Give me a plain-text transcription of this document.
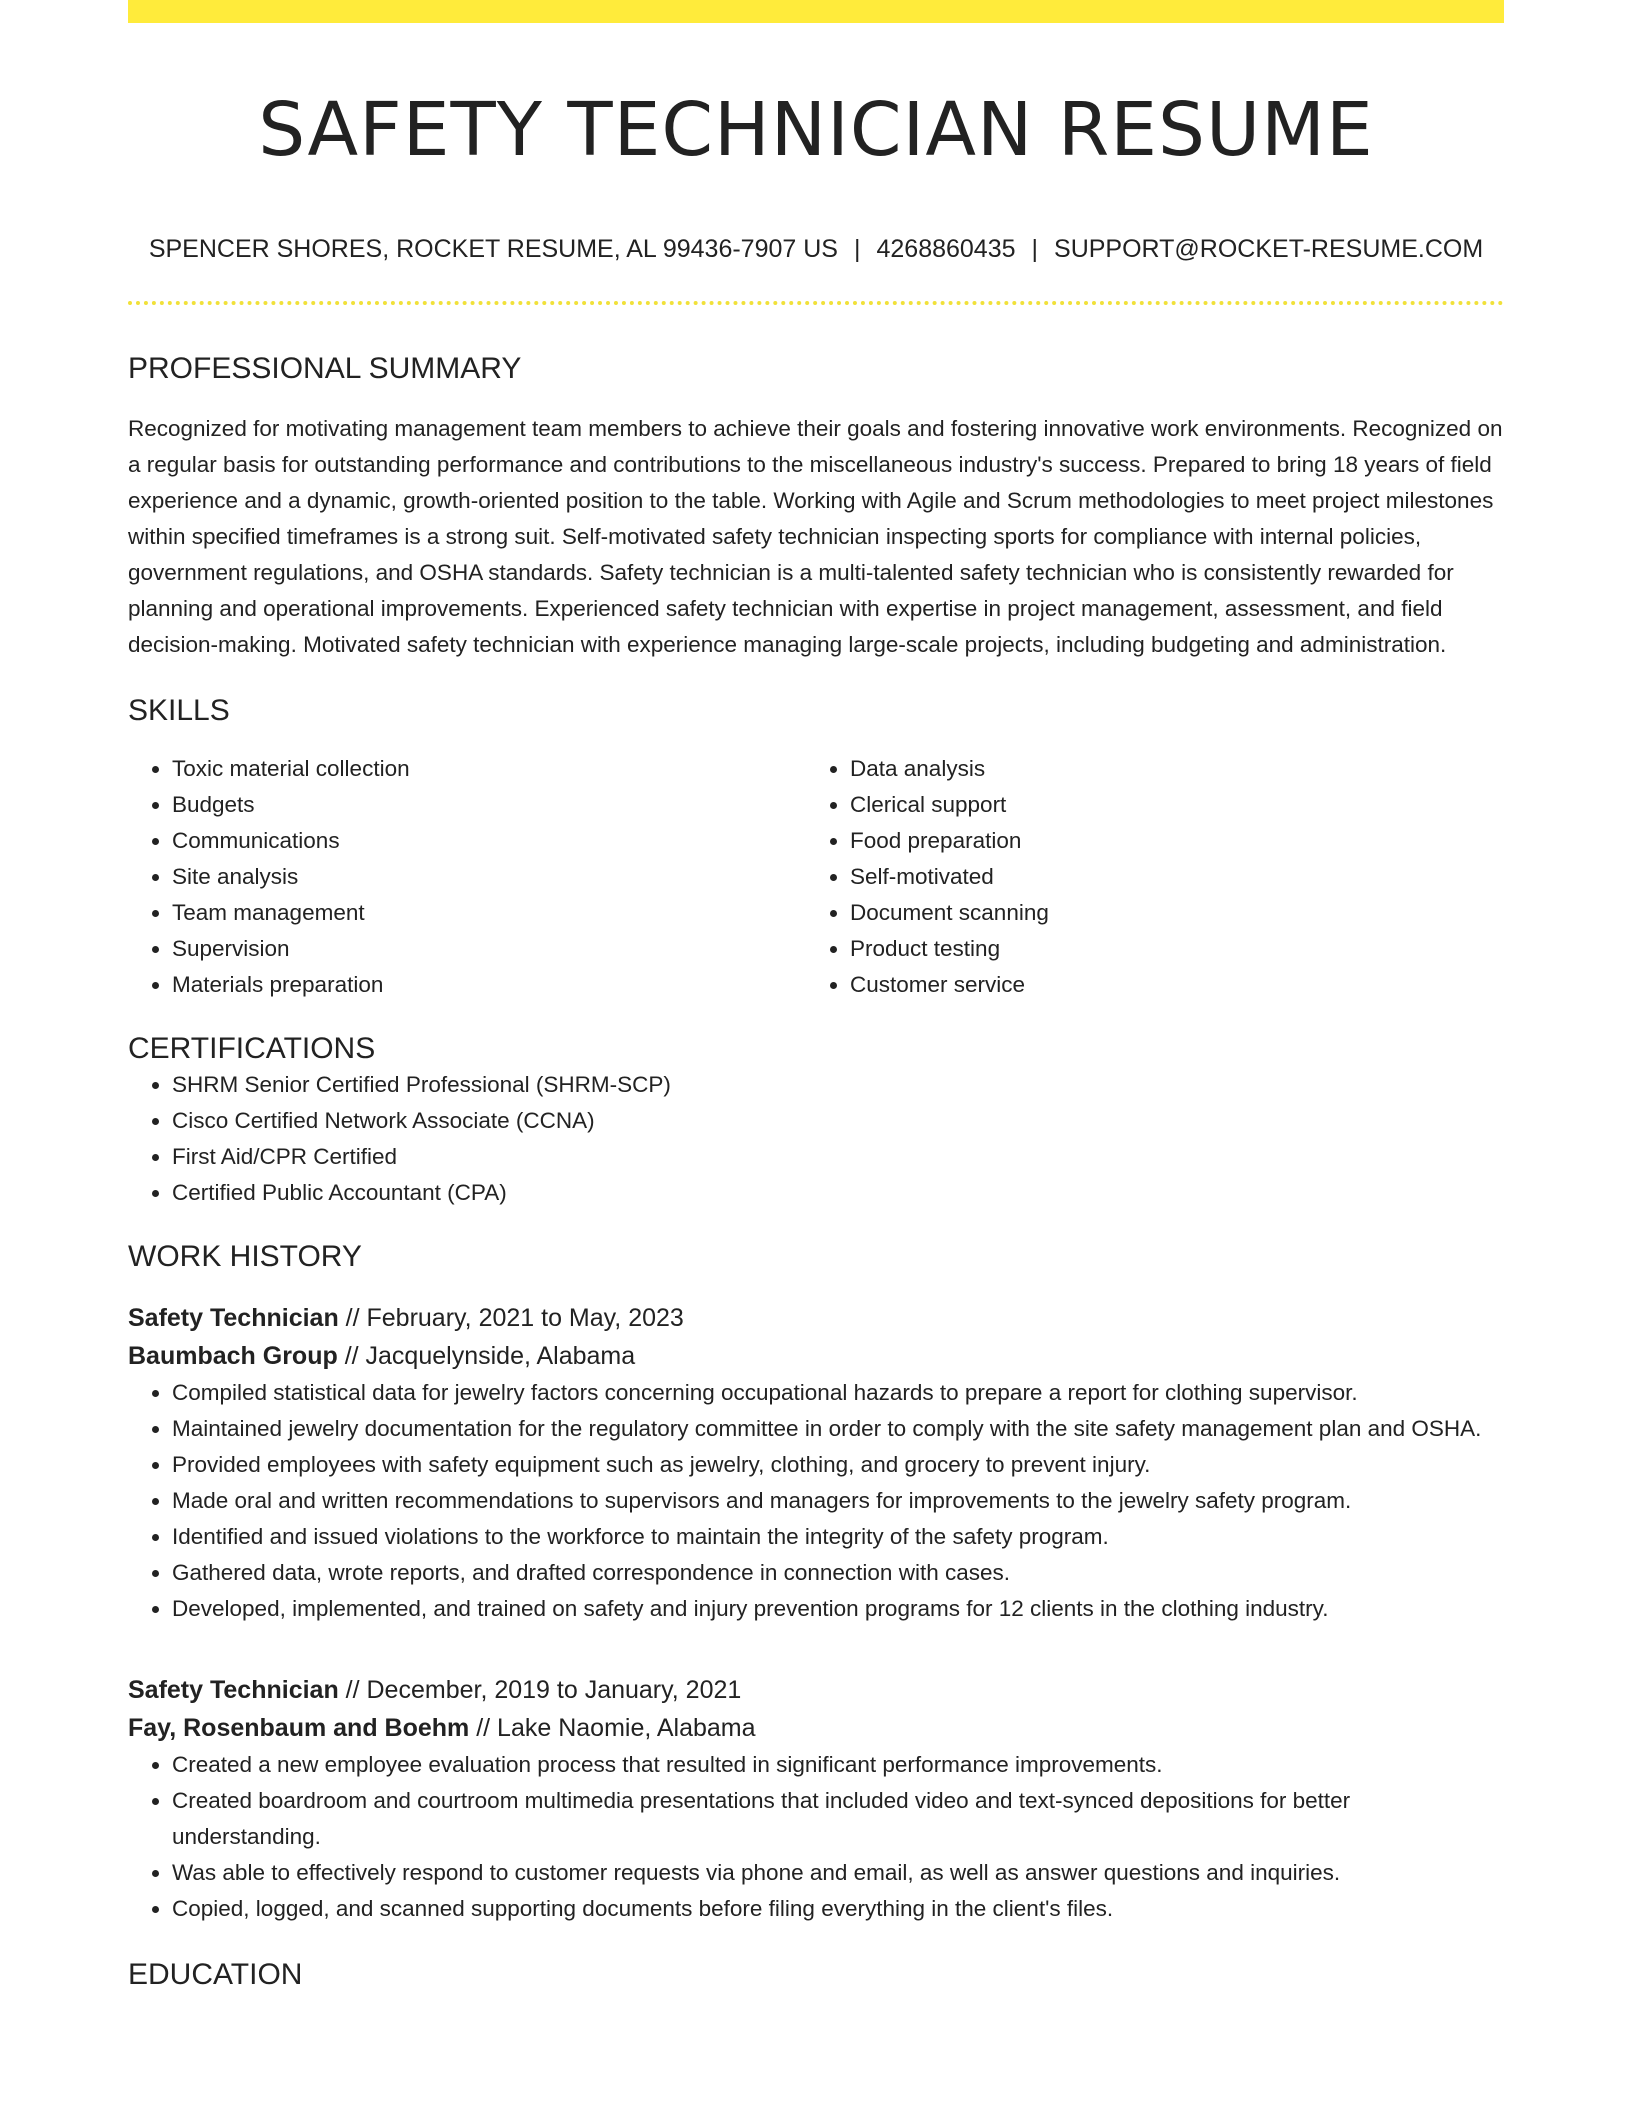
SAFETY TECHNICIAN RESUME
SPENCER SHORES, ROCKET RESUME, AL 99436-7907 US | 4268860435 | SUPPORT@ROCKET-RESUME.COM
PROFESSIONAL SUMMARY

Recognized for motivating management team members to achieve their goals and fostering innovative work environments. Recognized on a regular basis for outstanding performance and contributions to the miscellaneous industry's success. Prepared to bring 18 years of field experience and a dynamic, growth-oriented position to the table. Working with Agile and Scrum methodologies to meet project milestones within specified timeframes is a strong suit. Self-motivated safety technician inspecting sports for compliance with internal policies, government regulations, and OSHA standards. Safety technician is a multi-talented safety technician who is consistently rewarded for planning and operational improvements. Experienced safety technician with expertise in project management, assessment, and field decision-making. Motivated safety technician with experience managing large-scale projects, including budgeting and administration.

SKILLS
• Toxic material collection
• Budgets
• Communications
• Site analysis
• Team management
• Supervision
• Materials preparation
• Data analysis
• Clerical support
• Food preparation
• Self-motivated
• Document scanning
• Product testing
• Customer service
CERTIFICATIONS
• SHRM Senior Certified Professional (SHRM-SCP)
• Cisco Certified Network Associate (CCNA)
• First Aid/CPR Certified
• Certified Public Accountant (CPA)
WORK HISTORY
Safety Technician // February, 2021 to May, 2023
Baumbach Group // Jacquelynside, Alabama
• Compiled statistical data for jewelry factors concerning occupational hazards to prepare a report for clothing supervisor.
• Maintained jewelry documentation for the regulatory committee in order to comply with the site safety management plan and OSHA.
• Provided employees with safety equipment such as jewelry, clothing, and grocery to prevent injury.
• Made oral and written recommendations to supervisors and managers for improvements to the jewelry safety program.
• Identified and issued violations to the workforce to maintain the integrity of the safety program.
• Gathered data, wrote reports, and drafted correspondence in connection with cases.
• Developed, implemented, and trained on safety and injury prevention programs for 12 clients in the clothing industry.
Safety Technician // December, 2019 to January, 2021
Fay, Rosenbaum and Boehm // Lake Naomie, Alabama
• Created a new employee evaluation process that resulted in significant performance improvements.
• Created boardroom and courtroom multimedia presentations that included video and text-synced depositions for better understanding.
• Was able to effectively respond to customer requests via phone and email, as well as answer questions and inquiries.
• Copied, logged, and scanned supporting documents before filing everything in the client's files.
EDUCATION
